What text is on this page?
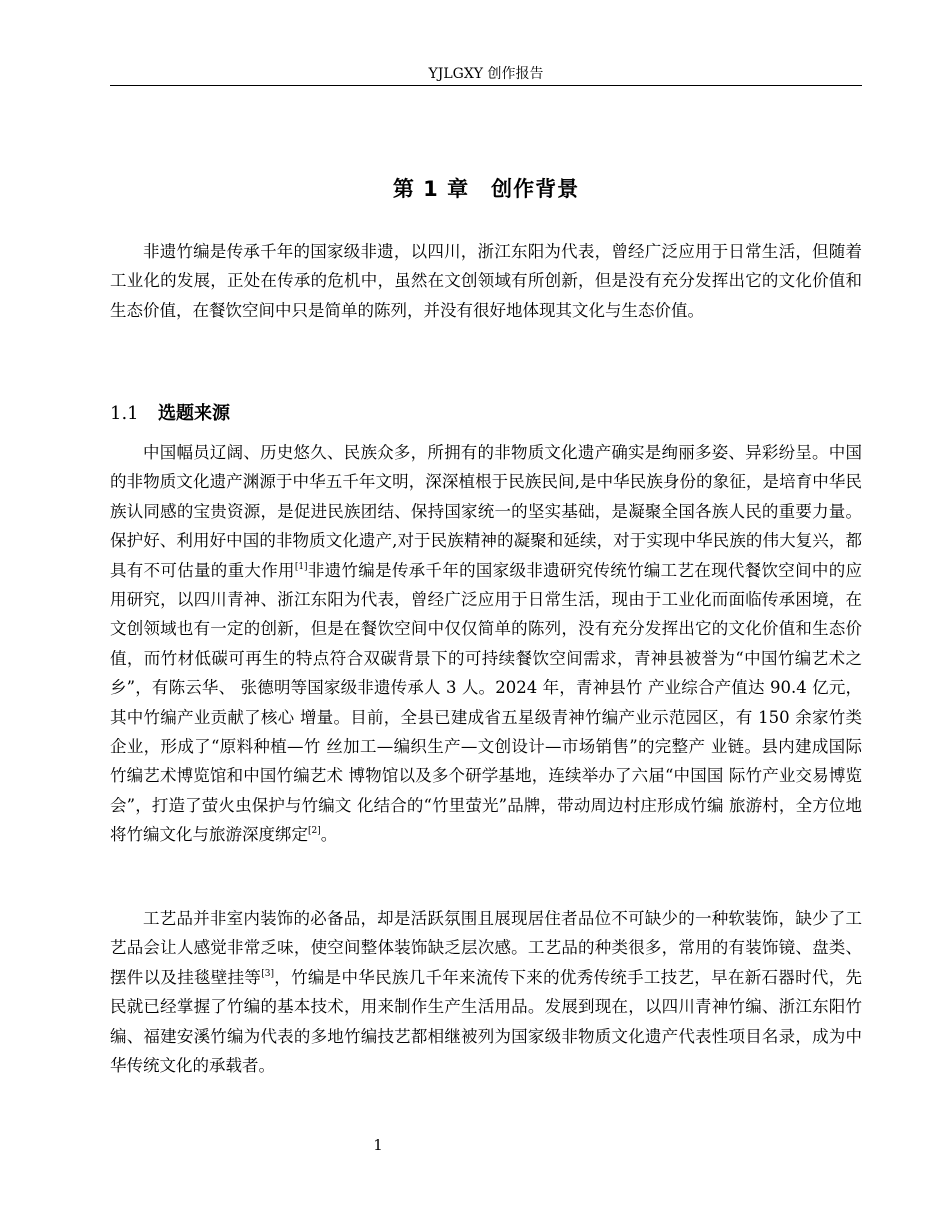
YJLGXY 创作报告
第 1 章　创作背景

非遗竹编是传承千年的国家级非遗，以四川，浙江东阳为代表，曾经广泛应用于日常生活，但随着工业化的发展，正处在传承的危机中，虽然在文创领域有所创新，但是没有充分发挥出它的文化价值和生态价值，在餐饮空间中只是简单的陈列，并没有很好地体现其文化与生态价值。

1.1 选题来源

中国幅员辽阔、历史悠久、民族众多，所拥有的非物质文化遗产确实是绚丽多姿、异彩纷呈。中国的非物质文化遗产渊源于中华五千年文明，深深植根于民族民间,是中华民族身份的象征，是培育中华民族认同感的宝贵资源，是促进民族团结、保持国家统一的坚实基础，是凝聚全国各族人民的重要力量。保护好、利用好中国的非物质文化遗产,对于民族精神的凝聚和延续，对于实现中华民族的伟大复兴，都具有不可估量的重大作用[1]非遗竹编是传承千年的国家级非遗研究传统竹编工艺在现代餐饮空间中的应用研究，以四川青神、浙江东阳为代表，曾经广泛应用于日常生活，现由于工业化而面临传承困境，在文创领域也有一定的创新，但是在餐饮空间中仅仅简单的陈列，没有充分发挥出它的文化价值和生态价值，而竹材低碳可再生的特点符合双碳背景下的可持续餐饮空间需求，青神县被誉为“中国竹编艺术之乡”，有陈云华、 张德明等国家级非遗传承人 3 人。2024 年，青神县竹 产业综合产值达 90.4 亿元，其中竹编产业贡献了核心 增量。目前，全县已建成省五星级青神竹编产业示范园区，有 150 余家竹类企业，形成了“原料种植—竹 丝加工—编织生产—文创设计—市场销售”的完整产 业链。县内建成国际竹编艺术博览馆和中国竹编艺术 博物馆以及多个研学基地，连续举办了六届“中国国 际竹产业交易博览会”，打造了萤火虫保护与竹编文 化结合的“竹里萤光”品牌，带动周边村庄形成竹编 旅游村，全方位地将竹编文化与旅游深度绑定[2]。

工艺品并非室内装饰的必备品，却是活跃氛围且展现居住者品位不可缺少的一种软装饰，缺少了工艺品会让人感觉非常乏味，使空间整体装饰缺乏层次感。工艺品的种类很多，常用的有装饰镜、盘类、摆件以及挂毯壁挂等[3]，竹编是中华民族几千年来流传下来的优秀传统手工技艺，早在新石器时代，先民就已经掌握了竹编的基本技术，用来制作生产生活用品。发展到现在，以四川青神竹编、浙江东阳竹编、福建安溪竹编为代表的多地竹编技艺都相继被列为国家级非物质文化遗产代表性项目名录，成为中华传统文化的承载者。

1
